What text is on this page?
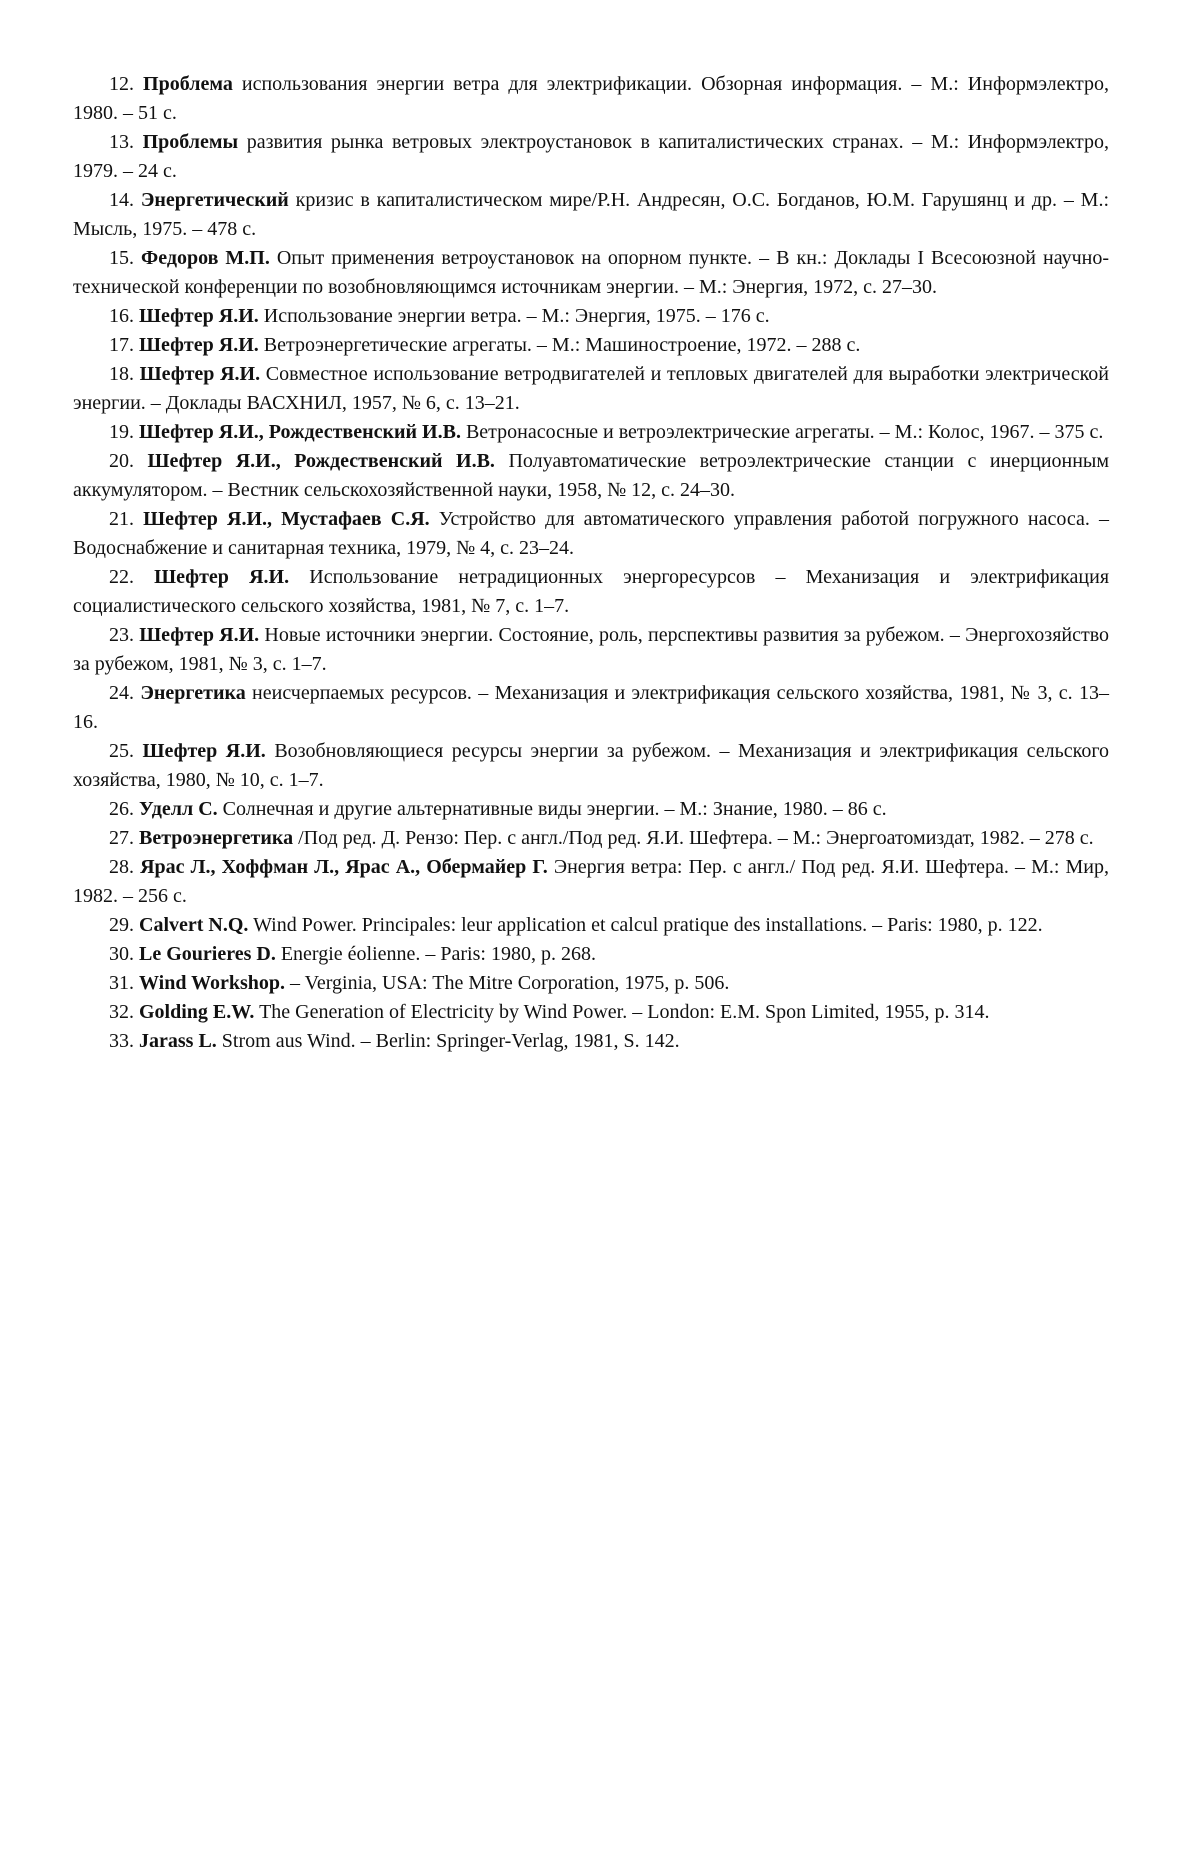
12. Проблема использования энергии ветра для электрификации. Обзорная информация. – М.: Информэлектро, 1980. – 51 с.

13. Проблемы развития рынка ветровых электроустановок в капиталистических странах. – М.: Информэлектро, 1979. – 24 с.

14. Энергетический кризис в капиталистическом мире/Р.Н. Андресян, О.С. Богданов, Ю.М. Гарушянц и др. – М.: Мысль, 1975. – 478 с.

15. Федоров М.П. Опыт применения ветроустановок на опорном пункте. – В кн.: Доклады I Всесоюзной научно-технической конференции по возобновляющимся источникам энергии. – М.: Энергия, 1972, с. 27–30.

16. Шефтер Я.И. Использование энергии ветра. – М.: Энергия, 1975. – 176 с.

17. Шефтер Я.И. Ветроэнергетические агрегаты. – М.: Машиностроение, 1972. – 288 с.

18. Шефтер Я.И. Совместное использование ветродвигателей и тепловых двигателей для выработки электрической энергии. – Доклады ВАСХНИЛ, 1957, № 6, с. 13–21.

19. Шефтер Я.И., Рождественский И.В. Ветронасосные и ветроэлектрические агрегаты. – М.: Колос, 1967. – 375 с.

20. Шефтер Я.И., Рождественский И.В. Полуавтоматические ветроэлектрические станции с инерционным аккумулятором. – Вестник сельскохозяйственной науки, 1958, № 12, с. 24–30.

21. Шефтер Я.И., Мустафаев С.Я. Устройство для автоматического управления работой погружного насоса. – Водоснабжение и санитарная техника, 1979, № 4, с. 23–24.

22. Шефтер Я.И. Использование нетрадиционных энергоресурсов – Механизация и электрификация социалистического сельского хозяйства, 1981, № 7, с. 1–7.

23. Шефтер Я.И. Новые источники энергии. Состояние, роль, перспективы развития за рубежом. – Энергохозяйство за рубежом, 1981, № 3, с. 1–7.

24. Энергетика неисчерпаемых ресурсов. – Механизация и электрификация сельского хозяйства, 1981, № 3, с. 13–16.

25. Шефтер Я.И. Возобновляющиеся ресурсы энергии за рубежом. – Механизация и электрификация сельского хозяйства, 1980, № 10, с. 1–7.

26. Уделл С. Солнечная и другие альтернативные виды энергии. – М.: Знание, 1980. – 86 с.

27. Ветроэнергетика /Под ред. Д. Рензо: Пер. с англ./Под ред. Я.И. Шефтера. – М.: Энергоатомиздат, 1982. – 278 с.

28. Ярас Л., Хоффман Л., Ярас А., Обермайер Г. Энергия ветра: Пер. с англ./ Под ред. Я.И. Шефтера. – М.: Мир, 1982. – 256 с.

29. Calvert N.Q. Wind Power. Principales: leur application et calcul pratique des installations. – Paris: 1980, p. 122.

30. Le Gourieres D. Energie éolienne. – Paris: 1980, p. 268.

31. Wind Workshop. – Verginia, USA: The Mitre Corporation, 1975, p. 506.

32. Golding E.W. The Generation of Electricity by Wind Power. – London: E.M. Spon Limited, 1955, p. 314.

33. Jarass L. Strom aus Wind. – Berlin: Springer-Verlag, 1981, S. 142.
